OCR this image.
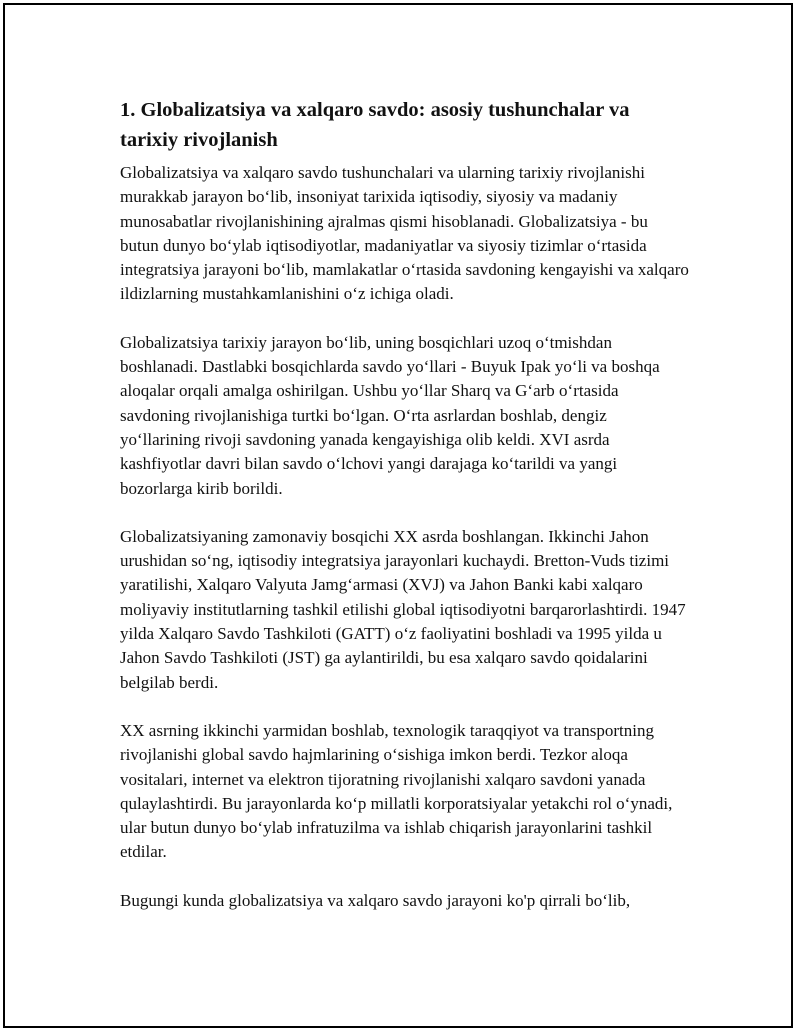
1. Globalizatsiya va xalqaro savdo: asosiy tushunchalar va tarixiy rivojlanish

Globalizatsiya va xalqaro savdo tushunchalari va ularning tarixiy rivojlanishi murakkab jarayon bo‘lib, insoniyat tarixida iqtisodiy, siyosiy va madaniy munosabatlar rivojlanishining ajralmas qismi hisoblanadi. Globalizatsiya - bu butun dunyo bo‘ylab iqtisodiyotlar, madaniyatlar va siyosiy tizimlar o‘rtasida integratsiya jarayoni bo‘lib, mamlakatlar o‘rtasida savdoning kengayishi va xalqaro ildizlarning mustahkamlanishini o‘z ichiga oladi.

Globalizatsiya tarixiy jarayon bo‘lib, uning bosqichlari uzoq o‘tmishdan boshlanadi. Dastlabki bosqichlarda savdo yo‘llari - Buyuk Ipak yo‘li va boshqa aloqalar orqali amalga oshirilgan. Ushbu yo‘llar Sharq va G‘arb o‘rtasida savdoning rivojlanishiga turtki bo‘lgan. O‘rta asrlardan boshlab, dengiz yo‘llarining rivoji savdoning yanada kengayishiga olib keldi. XVI asrda kashfiyotlar davri bilan savdo o‘lchovi yangi darajaga ko‘tarildi va yangi bozorlarga kirib borildi.

Globalizatsiyaning zamonaviy bosqichi XX asrda boshlangan. Ikkinchi Jahon urushidan so‘ng, iqtisodiy integratsiya jarayonlari kuchaydi. Bretton-Vuds tizimi yaratilishi, Xalqaro Valyuta Jamg‘armasi (XVJ) va Jahon Banki kabi xalqaro moliyaviy institutlarning tashkil etilishi global iqtisodiyotni barqarorlashtirdi. 1947 yilda Xalqaro Savdo Tashkiloti (GATT) o‘z faoliyatini boshladi va 1995 yilda u Jahon Savdo Tashkiloti (JST) ga aylantirildi, bu esa xalqaro savdo qoidalarini belgilab berdi.

XX asrning ikkinchi yarmidan boshlab, texnologik taraqqiyot va transportning rivojlanishi global savdo hajmlarining o‘sishiga imkon berdi. Tezkor aloqa vositalari, internet va elektron tijoratning rivojlanishi xalqaro savdoni yanada qulaylashtirdi. Bu jarayonlarda ko‘p millatli korporatsiyalar yetakchi rol o‘ynadi, ular butun dunyo bo‘ylab infratuzilma va ishlab chiqarish jarayonlarini tashkil etdilar.

Bugungi kunda globalizatsiya va xalqaro savdo jarayoni ko'p qirrali bo‘lib,
